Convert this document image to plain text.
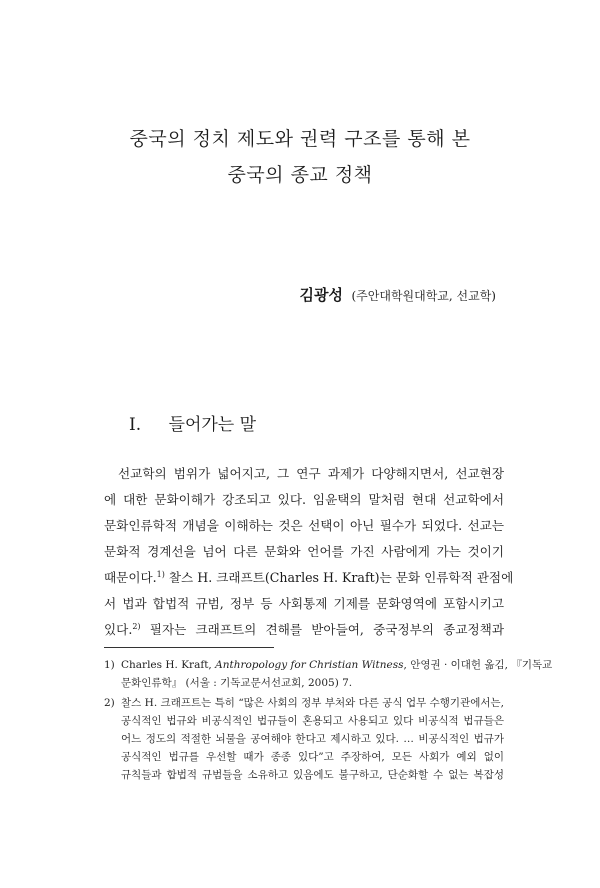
중국의 정치 제도와 권력 구조를 통해 본
중국의 종교 정책
김광성 (주안대학원대학교, 선교학)
I. 들어가는 말
선교학의 범위가 넓어지고, 그 연구 과제가 다양해지면서, 선교현장
에 대한 문화이해가 강조되고 있다. 임윤택의 말처럼 현대 선교학에서
문화인류학적 개념을 이해하는 것은 선택이 아닌 필수가 되었다. 선교는
문화적 경계선을 넘어 다른 문화와 언어를 가진 사람에게 가는 것이기
때문이다.$^{1)}$ 찰스 H. 크래프트(Charles H. Kraft)는 문화 인류학적 관점에
서 법과 합법적 규범, 정부 등 사회통제 기제를 문화영역에 포함시키고
있다.$^{2)}$ 필자는 크래프트의 견해를 받아들여, 중국정부의 종교정책과
1) Charles H. Kraft, Anthropology for Christian Witness, 안영권 · 이대헌 옮김, 『기독교
문화인류학』 (서울 : 기독교문서선교회, 2005) 7.
2) 찰스 H. 크래프트는 특히 “많은 사회의 정부 부처와 다른 공식 업무 수행기관에서는,
공식적인 법규와 비공식적인 법규들이 혼용되고 사용되고 있다 비공식적 법규들은
어느 정도의 적절한 뇌물을 공여해야 한다고 제시하고 있다. … 비공식적인 법규가
공식적인 법규를 우선할 때가 종종 있다”고 주장하여, 모든 사회가 예외 없이
규칙들과 합법적 규범들을 소유하고 있음에도 불구하고, 단순화할 수 없는 복잡성
